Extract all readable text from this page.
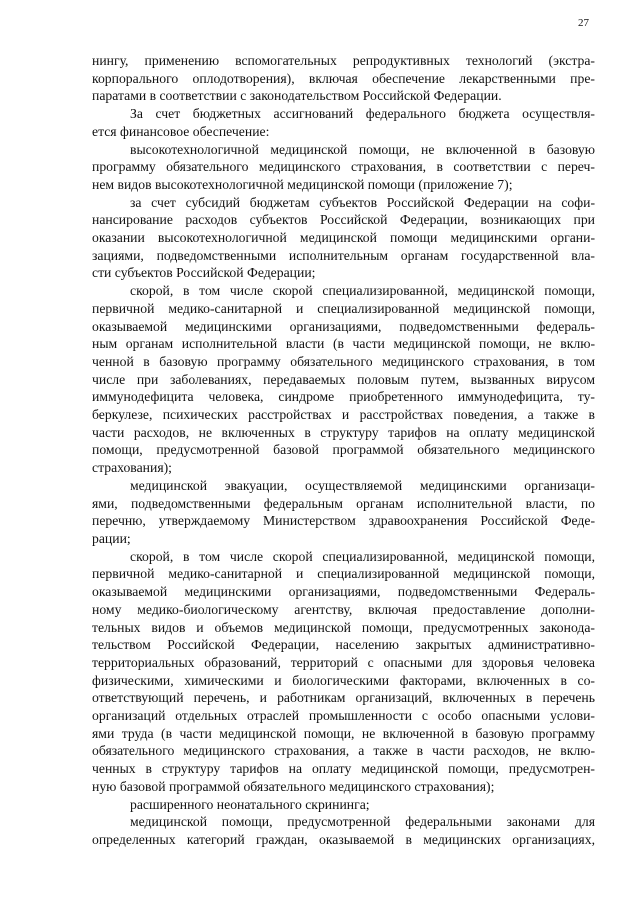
27
нингу, применению вспомогательных репродуктивных технологий (экстра-
корпорального оплодотворения), включая обеспечение лекарственными пре-
паратами в соответствии с законодательством Российской Федерации.
За счет бюджетных ассигнований федерального бюджета осуществля-
ется финансовое обеспечение:
высокотехнологичной медицинской помощи, не включенной в базовую
программу обязательного медицинского страхования, в соответствии с переч-
нем видов высокотехнологичной медицинской помощи (приложение 7);
за счет субсидий бюджетам субъектов Российской Федерации на софи-
нансирование расходов субъектов Российской Федерации, возникающих при
оказании высокотехнологичной медицинской помощи медицинскими органи-
зациями, подведомственными исполнительным органам государственной вла-
сти субъектов Российской Федерации;
скорой, в том числе скорой специализированной, медицинской помощи,
первичной медико-санитарной и специализированной медицинской помощи,
оказываемой медицинскими организациями, подведомственными федераль-
ным органам исполнительной власти (в части медицинской помощи, не вклю-
ченной в базовую программу обязательного медицинского страхования, в том
числе при заболеваниях, передаваемых половым путем, вызванных вирусом
иммунодефицита человека, синдроме приобретенного иммунодефицита, ту-
беркулезе, психических расстройствах и расстройствах поведения, а также в
части расходов, не включенных в структуру тарифов на оплату медицинской
помощи, предусмотренной базовой программой обязательного медицинского
страхования);
медицинской эвакуации, осуществляемой медицинскими организаци-
ями, подведомственными федеральным органам исполнительной власти, по
перечню, утверждаемому Министерством здравоохранения Российской Феде-
рации;
скорой, в том числе скорой специализированной, медицинской помощи,
первичной медико-санитарной и специализированной медицинской помощи,
оказываемой медицинскими организациями, подведомственными Федераль-
ному медико-биологическому агентству, включая предоставление дополни-
тельных видов и объемов медицинской помощи, предусмотренных законода-
тельством Российской Федерации, населению закрытых административно-
территориальных образований, территорий с опасными для здоровья человека
физическими, химическими и биологическими факторами, включенных в со-
ответствующий перечень, и работникам организаций, включенных в перечень
организаций отдельных отраслей промышленности с особо опасными услови-
ями труда (в части медицинской помощи, не включенной в базовую программу
обязательного медицинского страхования, а также в части расходов, не вклю-
ченных в структуру тарифов на оплату медицинской помощи, предусмотрен-
ную базовой программой обязательного медицинского страхования);
расширенного неонатального скрининга;
медицинской помощи, предусмотренной федеральными законами для
определенных категорий граждан, оказываемой в медицинских организациях,
